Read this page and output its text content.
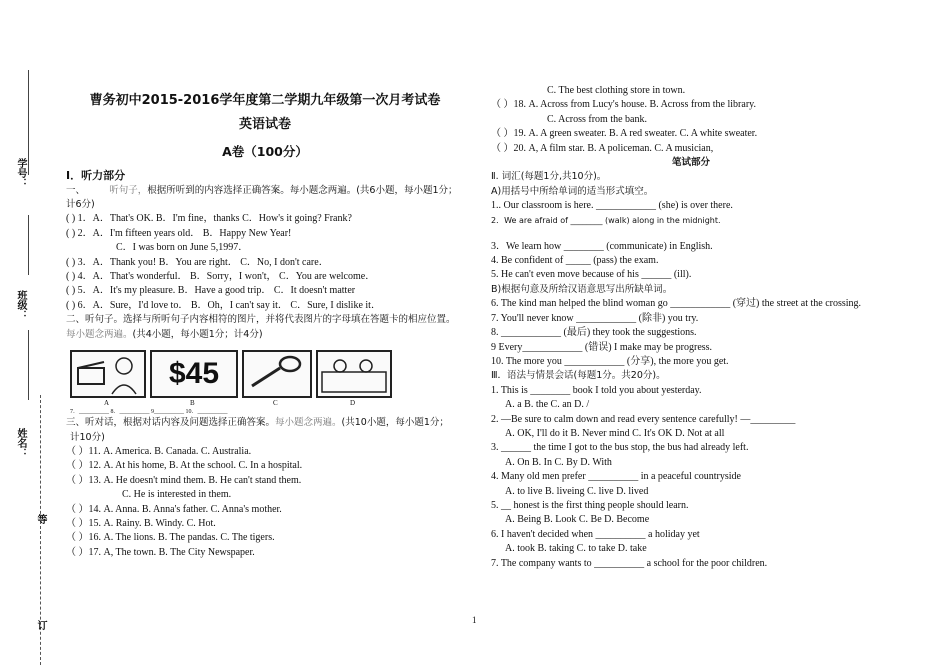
学号：
班级：
姓名：
等
订
曹务初中2015-2016学年度第二学期九年级第一次月考试卷
英语试卷
A卷（100分）
I．听力部分

一、	听句子，根据所听到的内容选择正确答案。每小题念两遍。(共6小题，每小题1分；计6分)

( ) 1．A．That's OK. B．I'm fine，thanks C．How's it going? Frank?

( ) 2．A．I'm fifteen years old． B．Happy New Year!

C．I was born on June 5,1997．

( ) 3．A．Thank you! B．You are right． C．No, I don't care．

( ) 4．A．That's wonderful． B．Sorry，I won't， C．You are welcome．

( ) 5．A．It's my pleasure. B．Have a good trip． C．It doesn't matter

( ) 6．A．Sure，I'd love to． B．Oh，I can't say it． C．Sure, I dislike it．

二、听句子。选择与所听句子内容相符的图片，并将代表图片的字母填在答题卡的相应位置。每小题念两遍。(共4小题，每小题1分；计4分)

$45
A	B	C	D
7．__________ 8．__________ 9__________ 10．__________

三、听对话，根据对话内容及问题选择正确答案。每小题念两遍。(共10小题，每小题1分；

计10分)

（ ）11. A. America. B. Canada. C. Australia.

（ ）12. A. At his home, B. At the school. C. In a hospital.

（ ）13. A. He doesn't mind them. B. He can't stand them.

C. He is interested in them.

（ ）14. A. Anna. B. Anna's father. C. Anna's mother.

（ ）15. A. Rainy. B. Windy. C. Hot.

（ ）16. A. The lions. B. The pandas. C. The tigers.

（ ）17. A, The town. B. The City Newspaper.

C. The best clothing store in town.

（ ）18. A. Across from Lucy's house. B. Across from the library.

C. Across from the bank.

（ ）19. A. A green sweater. B. A red sweater. C. A white sweater.

（ ）20. A, A film star. B. A policeman. C. A musician,

笔试部分

Ⅱ. 词汇(每题1分,共10分)。

A)用括号中所给单词的适当形式填空。

1.. Our classroom is here. ____________ (she) is over there.

2．We are afraid of ________ (walk) along in the midnight.

3．We learn how ________ (communicate) in English.

4. Be confident of _____ (pass) the exam.

5. He can't even move because of his ______ (ill).

B)根据句意及所给汉语意思写出所缺单词。

6. The kind man helped the blind woman go ____________ (穿过) the street at the crossing.

7. You'll never know ____________ (除非) you try.

8. ____________ (最后) they took the suggestions.

9 Every____________ (错误) I make may be progress.

10. The more you ____________ (分享), the more you get.

Ⅲ．语法与情景会话(每题1分。共20分)。

1. This is ________ book I told you about yesterday.

A. a B. the C. an D. /

2. —Be sure to calm down and read every sentence carefully! —_________

A. OK, I'll do it B. Never mind C. It's OK D. Not at all

3. ______ the time I got to the bus stop, the bus had already left.

A. On B. In C. By D. With

4. Many old men prefer __________ in a peaceful countryside

A. to live B. liveing C. live D. lived

5. __ honest is the first thing people should learn.

A. Being B. Look C. Be D. Become

6. I haven't decided when __________ a holiday yet

A. took B. taking C. to take D. take

7. The company wants to __________ a school for the poor children.

1
